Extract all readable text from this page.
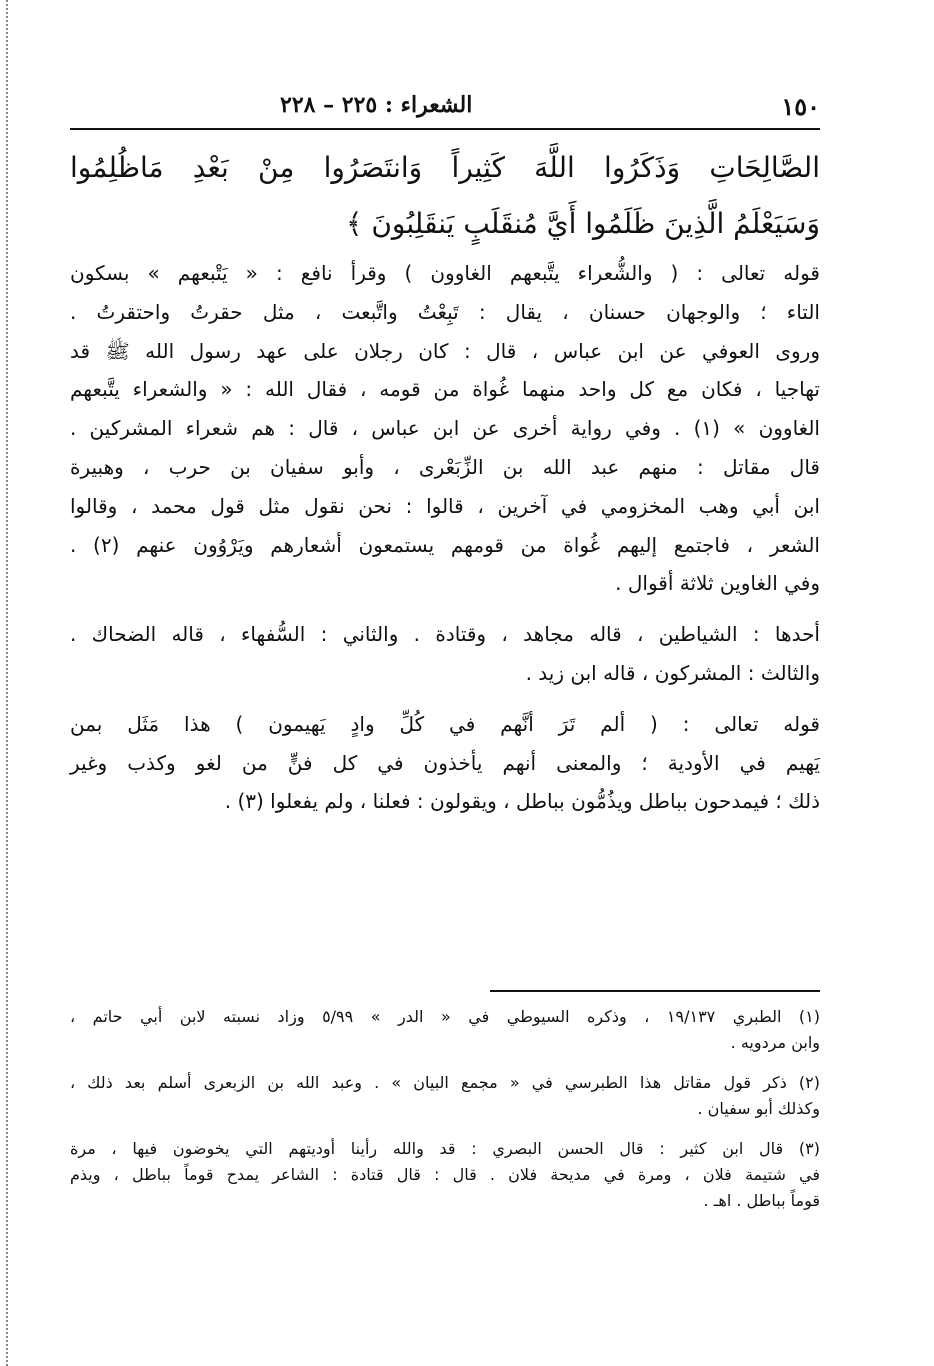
١٥٠
الشعراء : ٢٢٥ – ٢٢٨
الصَّالِحَاتِ وَذَكَرُوا اللَّهَ كَثِيراً وَانتَصَرُوا مِنْ بَعْدِ مَاظُلِمُوا
وَسَيَعْلَمُ الَّذِينَ ظَلَمُوا أَيَّ مُنقَلَبٍ يَنقَلِبُونَ ﴾
قوله تعالى : ( والشُّعراء يتَّبعهم الغاوون ) وقرأ نافع : « يَتْبعهم » بسكون
التاء ؛ والوجهان حسنان ، يقال : تَبِعْتُ واتَّبعت ، مثل حقرتُ واحتقرتُ .
وروى العوفي عن ابن عباس ، قال : كان رجلان على عهد رسول الله ﷺ قد
تهاجيا ، فكان مع كل واحد منهما غُواة من قومه ، فقال الله : « والشعراء يتَّبعهم
الغاوون » (١) . وفي رواية أخرى عن ابن عباس ، قال : هم شعراء المشركين .
قال مقاتل : منهم عبد الله بن الزِّبَعْرى ، وأبو سفيان بن حرب ، وهبيرة
ابن أبي وهب المخزومي في آخرين ، قالوا : نحن نقول مثل قول محمد ، وقالوا
الشعر ، فاجتمع إليهم غُواة من قومهم يستمعون أشعارهم ويَرْوُون عنهم (٢) .
وفي الغاوين ثلاثة أقوال .
أحدها : الشياطين ، قاله مجاهد ، وقتادة . والثاني : السُّفهاء ، قاله الضحاك .
والثالث : المشركون ، قاله ابن زيد .
قوله تعالى : ( ألم تَرَ أنَّهم في كُلِّ وادٍ يَهيمون ) هذا مَثَل بمن
يَهيم في الأودية ؛ والمعنى أنهم يأخذون في كل فنٍّ من لغو وكذب وغير
ذلك ؛ فيمدحون بباطل ويذُمُّون بباطل ، ويقولون : فعلنا ، ولم يفعلوا (٣) .
(١) الطبري ١٩/١٣٧ ، وذكره السيوطي في « الدر » ٥/٩٩ وزاد نسبته لابن أبي حاتم ،
وابن مردويه .
(٢) ذكر قول مقاتل هذا الطبرسي في « مجمع البيان » . وعبد الله بن الزبعرى أسلم بعد ذلك ،
وكذلك أبو سفيان .
(٣) قال ابن كثير : قال الحسن البصري : قد والله رأينا أوديتهم التي يخوضون فيها ، مرة
في شتيمة فلان ، ومرة في مديحة فلان . قال : قال قتادة : الشاعر يمدح قوماً بباطل ، ويذم
قوماً بباطل . اهـ .
